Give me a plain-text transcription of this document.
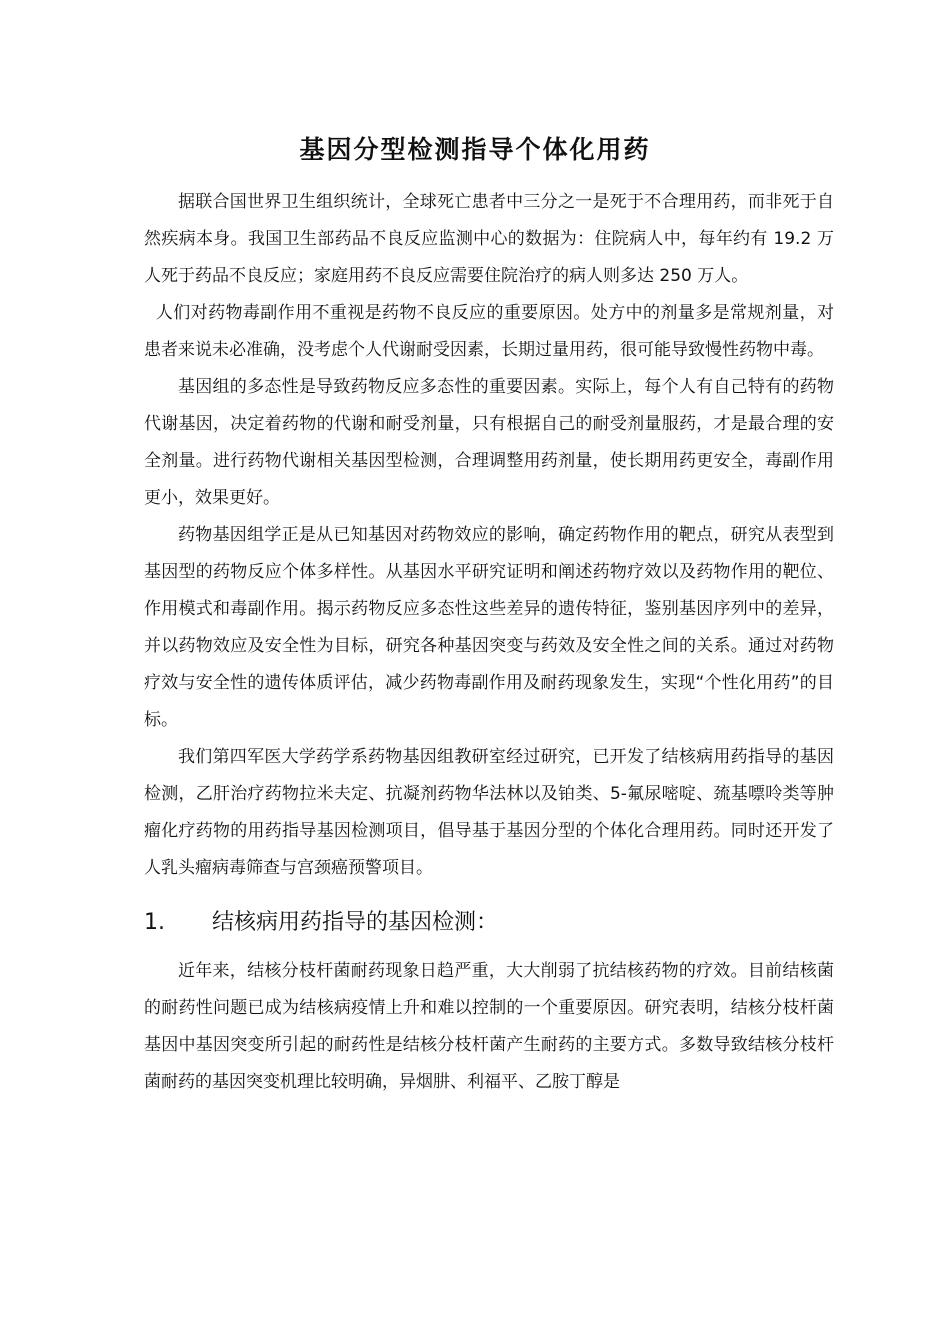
基因分型检测指导个体化用药

据联合国世界卫生组织统计，全球死亡患者中三分之一是死于不合理用药，而非死于自然疾病本身。我国卫生部药品不良反应监测中心的数据为：住院病人中，每年约有 19.2 万人死于药品不良反应；家庭用药不良反应需要住院治疗的病人则多达 250 万人。

人们对药物毒副作用不重视是药物不良反应的重要原因。处方中的剂量多是常规剂量，对患者来说未必准确，没考虑个人代谢耐受因素，长期过量用药，很可能导致慢性药物中毒。

基因组的多态性是导致药物反应多态性的重要因素。实际上，每个人有自己特有的药物代谢基因，决定着药物的代谢和耐受剂量，只有根据自己的耐受剂量服药，才是最合理的安全剂量。进行药物代谢相关基因型检测，合理调整用药剂量，使长期用药更安全，毒副作用更小，效果更好。

药物基因组学正是从已知基因对药物效应的影响，确定药物作用的靶点，研究从表型到基因型的药物反应个体多样性。从基因水平研究证明和阐述药物疗效以及药物作用的靶位、作用模式和毒副作用。揭示药物反应多态性这些差异的遗传特征，鉴别基因序列中的差异，并以药物效应及安全性为目标，研究各种基因突变与药效及安全性之间的关系。通过对药物疗效与安全性的遗传体质评估，减少药物毒副作用及耐药现象发生，实现“个性化用药”的目标。

我们第四军医大学药学系药物基因组教研室经过研究，已开发了结核病用药指导的基因检测，乙肝治疗药物拉米夫定、抗凝剂药物华法林以及铂类、5-氟尿嘧啶、巯基嘌呤类等肿瘤化疗药物的用药指导基因检测项目，倡导基于基因分型的个体化合理用药。同时还开发了人乳头瘤病毒筛查与宫颈癌预警项目。

1.	结核病用药指导的基因检测：

近年来，结核分枝杆菌耐药现象日趋严重，大大削弱了抗结核药物的疗效。目前结核菌的耐药性问题已成为结核病疫情上升和难以控制的一个重要原因。研究表明，结核分枝杆菌基因中基因突变所引起的耐药性是结核分枝杆菌产生耐药的主要方式。多数导致结核分枝杆菌耐药的基因突变机理比较明确，异烟肼、利福平、乙胺丁醇是
